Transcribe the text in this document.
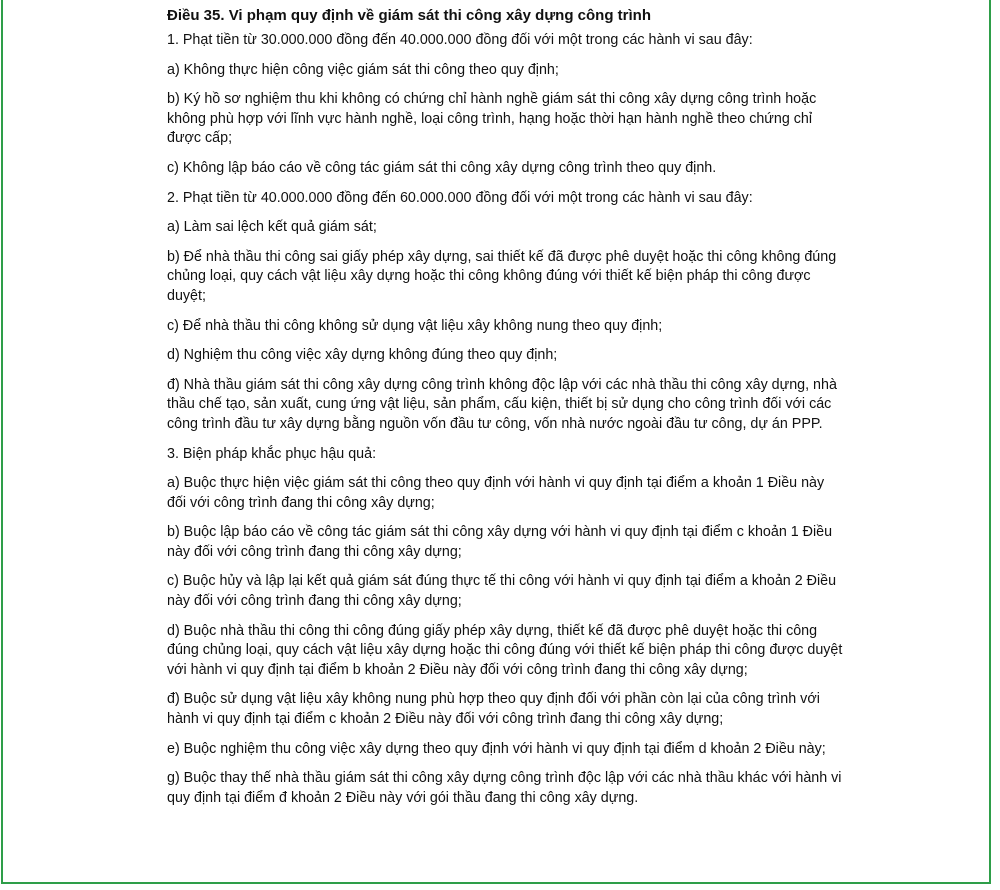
Điều 35. Vi phạm quy định về giám sát thi công xây dựng công trình

1. Phạt tiền từ 30.000.000 đồng đến 40.000.000 đồng đối với một trong các hành vi sau đây:

a) Không thực hiện công việc giám sát thi công theo quy định;

b) Ký hồ sơ nghiệm thu khi không có chứng chỉ hành nghề giám sát thi công xây dựng công trình hoặc không phù hợp với lĩnh vực hành nghề, loại công trình, hạng hoặc thời hạn hành nghề theo chứng chỉ được cấp;

c) Không lập báo cáo về công tác giám sát thi công xây dựng công trình theo quy định.

2. Phạt tiền từ 40.000.000 đồng đến 60.000.000 đồng đối với một trong các hành vi sau đây:

a) Làm sai lệch kết quả giám sát;

b) Để nhà thầu thi công sai giấy phép xây dựng, sai thiết kế đã được phê duyệt hoặc thi công không đúng chủng loại, quy cách vật liệu xây dựng hoặc thi công không đúng với thiết kế biện pháp thi công được duyệt;

c) Để nhà thầu thi công không sử dụng vật liệu xây không nung theo quy định;

d) Nghiệm thu công việc xây dựng không đúng theo quy định;

đ) Nhà thầu giám sát thi công xây dựng công trình không độc lập với các nhà thầu thi công xây dựng, nhà thầu chế tạo, sản xuất, cung ứng vật liệu, sản phẩm, cấu kiện, thiết bị sử dụng cho công trình đối với các công trình đầu tư xây dựng bằng nguồn vốn đầu tư công, vốn nhà nước ngoài đầu tư công, dự án PPP.

3. Biện pháp khắc phục hậu quả:

a) Buộc thực hiện việc giám sát thi công theo quy định với hành vi quy định tại điểm a khoản 1 Điều này đối với công trình đang thi công xây dựng;

b) Buộc lập báo cáo về công tác giám sát thi công xây dựng với hành vi quy định tại điểm c khoản 1 Điều này đối với công trình đang thi công xây dựng;

c) Buộc hủy và lập lại kết quả giám sát đúng thực tế thi công với hành vi quy định tại điểm a khoản 2 Điều này đối với công trình đang thi công xây dựng;

d) Buộc nhà thầu thi công thi công đúng giấy phép xây dựng, thiết kế đã được phê duyệt hoặc thi công đúng chủng loại, quy cách vật liệu xây dựng hoặc thi công đúng với thiết kế biện pháp thi công được duyệt với hành vi quy định tại điểm b khoản 2 Điều này đối với công trình đang thi công xây dựng;

đ) Buộc sử dụng vật liệu xây không nung phù hợp theo quy định đối với phần còn lại của công trình với hành vi quy định tại điểm c khoản 2 Điều này đối với công trình đang thi công xây dựng;

e) Buộc nghiệm thu công việc xây dựng theo quy định với hành vi quy định tại điểm d khoản 2 Điều này;

g) Buộc thay thế nhà thầu giám sát thi công xây dựng công trình độc lập với các nhà thầu khác với hành vi quy định tại điểm đ khoản 2 Điều này với gói thầu đang thi công xây dựng.
